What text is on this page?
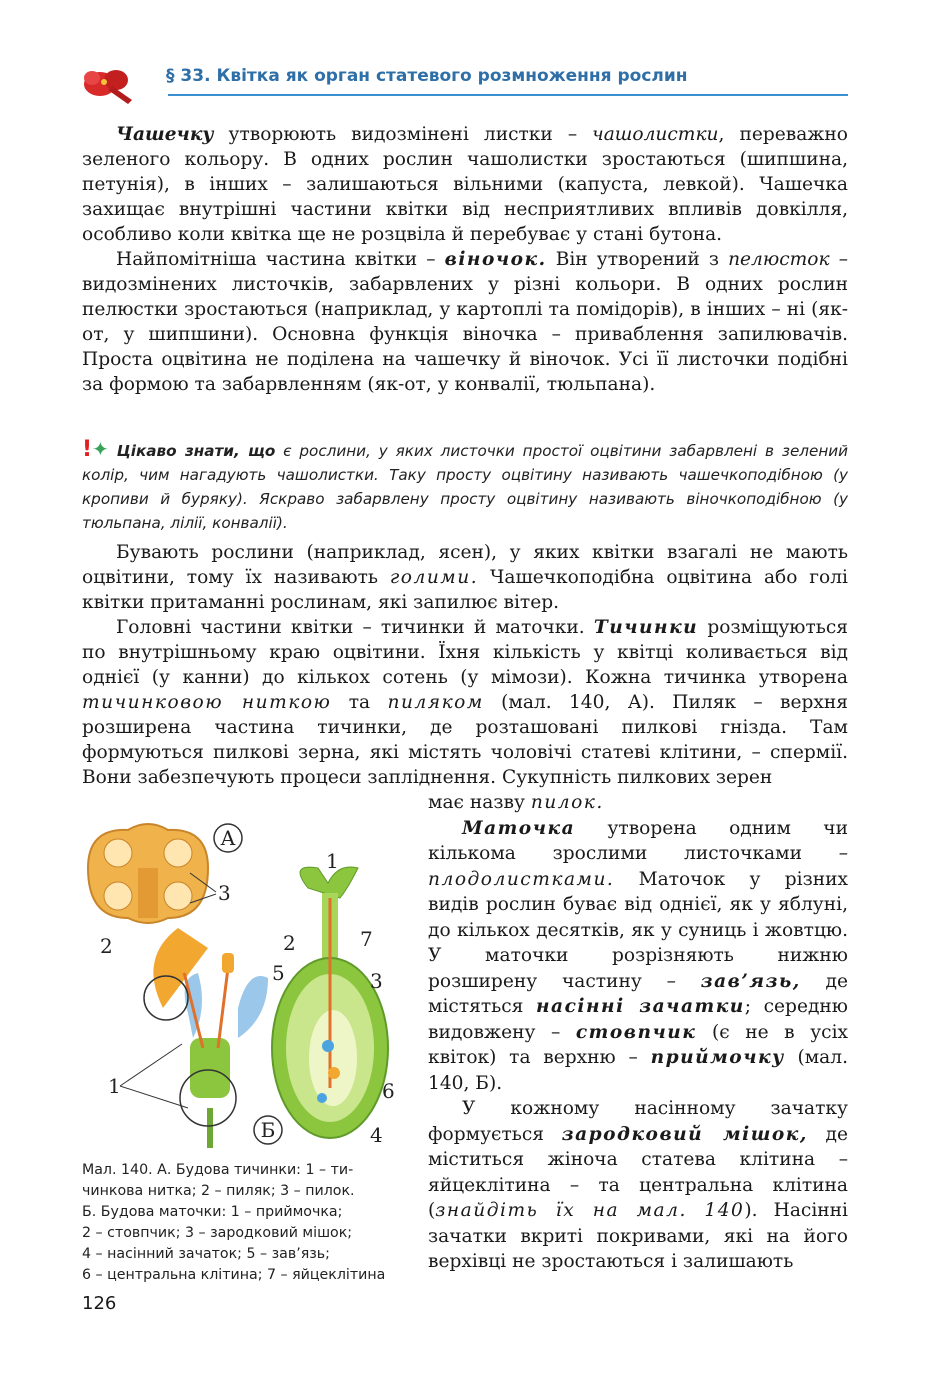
§ 33. Квітка як орган статевого розмноження рослин

Чашечку утворюють видозмінені листки – чашолистки, переважно зеленого кольору. В одних рослин чашолистки зростаються (шипшина, петунія), в інших – залишаються вільними (капуста, левкой). Чашечка захищає внутрішні частини квітки від несприятливих впливів довкілля, особливо коли квітка ще не розцвіла й перебуває у стані бутона.

Найпомітніша частина квітки – віночок. Він утворений з пелюсток – видозмінених листочків, забарвлених у різні кольори. В одних рослин пелюстки зростаються (наприклад, у картоплі та помідорів), в інших – ні (як-от, у шипшини). Основна функція віночка – приваблення запилювачів. Проста оцвітина не поділена на чашечку й віночок. Усі її листочки подібні за формою та забарвленням (як-от, у конвалії, тюльпана).

!✦ Цікаво знати, що є рослини, у яких листочки простої оцвітини забарвлені в зелений колір, чим нагадують чашолистки. Таку просту оцвітину називають чашечкоподібною (у кропиви й буряку). Яскраво забарвлену просту оцвітину називають віночкоподібною (у тюльпана, лілії, конвалії).

Бувають рослини (наприклад, ясен), у яких квітки взагалі не мають оцвітини, тому їх називають голими. Чашечкоподібна оцвітина або голі квітки притаманні рослинам, які запилює вітер.

Головні частини квітки – тичинки й маточки. Тичинки розміщуються по внутрішньому краю оцвітини. Їхня кількість у квітці коливається від однієї (у канни) до кількох сотень (у мімози). Кожна тичинка утворена тичинковою ниткою та пиляком (мал. 140, А). Пиляк – верхня розширена частина тичинки, де розташовані пилкові гнізда. Там формуються пилкові зерна, які містять чоловічі статеві клітини, – спермії. Вони забезпечують процеси запліднення. Сукупність пилкових зерен

має назву пилок.

Маточка утворена одним чи кількома зрослими листочками – плодолистками. Маточок у різних видів рослин буває від однієї, як у яблуні, до кількох десятків, як у суниць і жовтцю. У маточки розрізняють нижню розширену частину – зав’язь, де містяться насінні зачатки; середню видовжену – стовпчик (є не в усіх квіток) та верхню – приймочку (мал. 140, Б).

У кожному насінному зачатку формується зародковий мішок, де міститься жіноча статева клітина – яйцеклітина – та центральна клітина (знайдіть їх на мал. 140). Насінні зачатки вкриті покривами, які на його верхівці не зростаються і залишають

А
Б
3
2
1
1
2	7
5	3
6
4
Мал. 140. А. Будова тичинки: 1 – ти-
чинкова нитка; 2 – пиляк; 3 – пилок.
Б. Будова маточки: 1 – приймочка;
2 – стовпчик; 3 – зародковий мішок;
4 – насінний зачаток; 5 – зав’язь;
6 – центральна клітина; 7 – яйцеклітина
126
